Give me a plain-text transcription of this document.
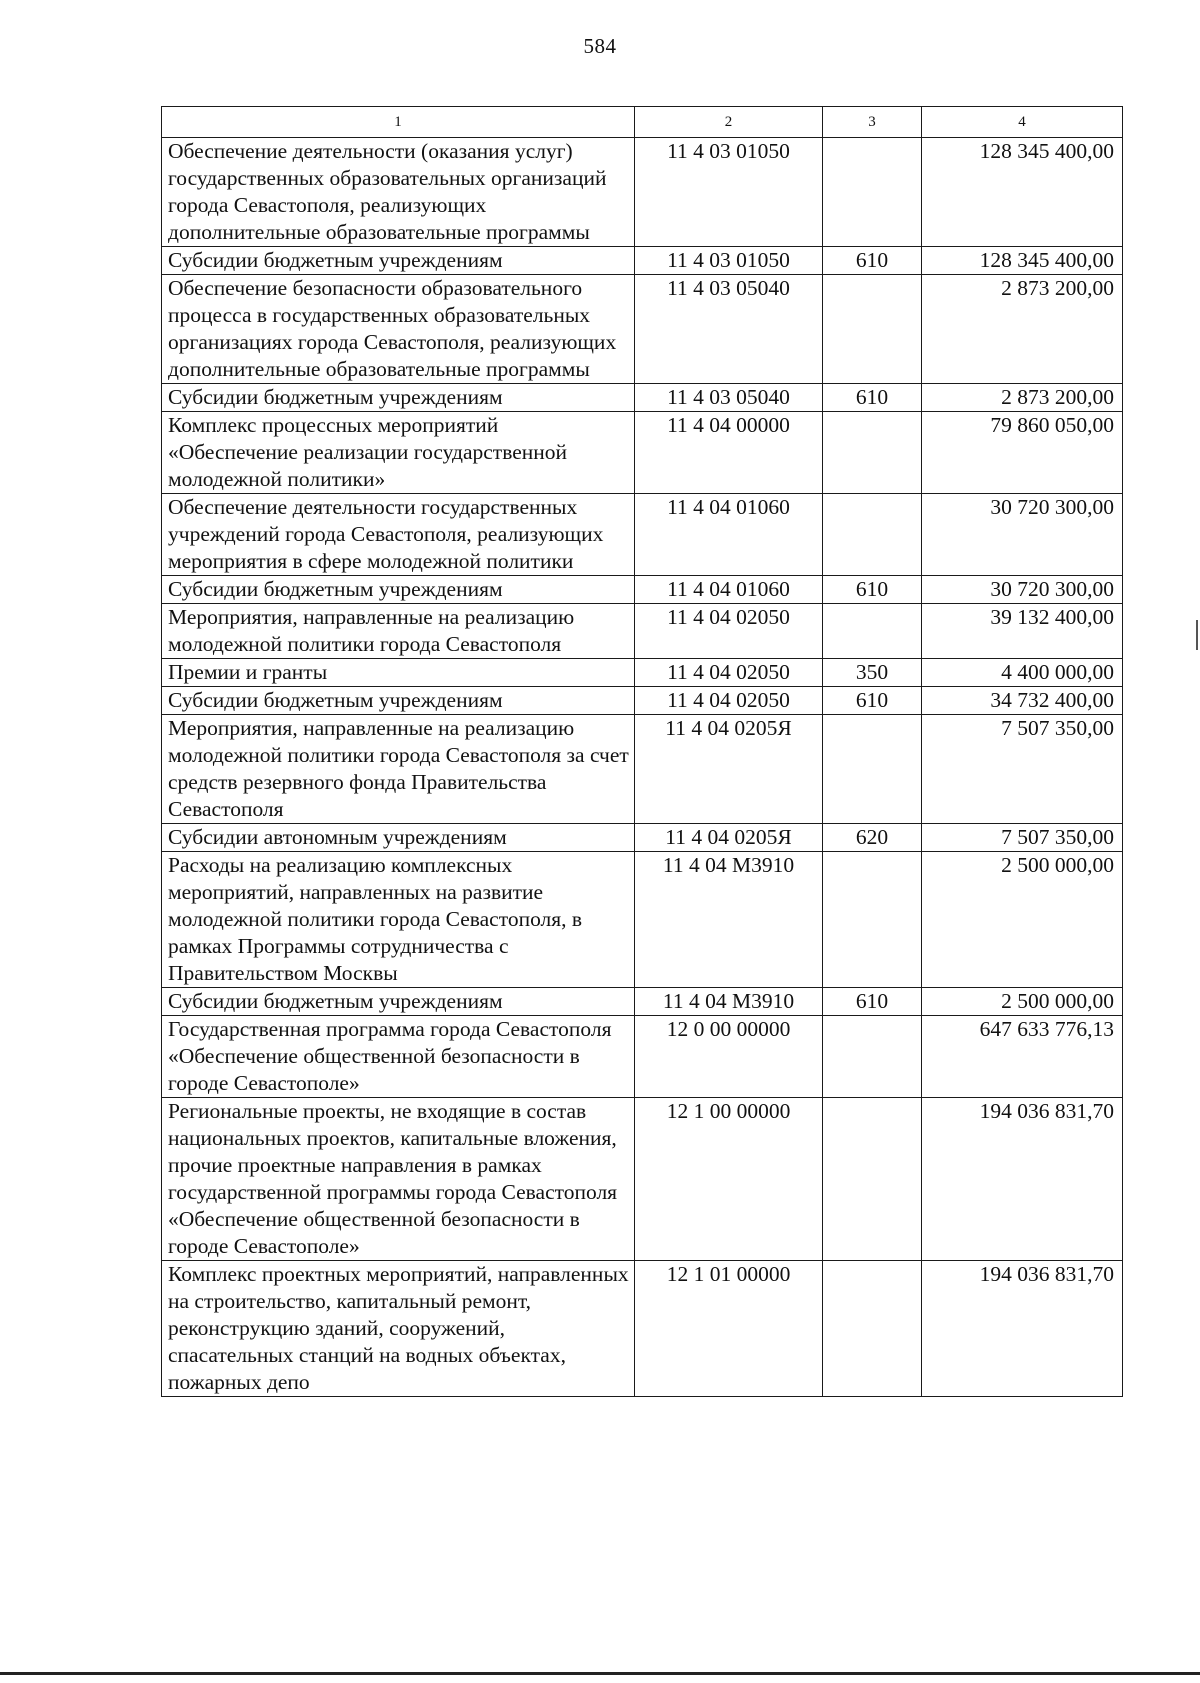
584
1	2	3	4
Обеспечение деятельности (оказания услуг) государственных образовательных организаций города Севастополя, реализующих дополнительные образовательные программы	11 4 03 01050		128 345 400,00
Субсидии бюджетным учреждениям	11 4 03 01050	610	128 345 400,00
Обеспечение безопасности образовательного процесса в государственных образовательных организациях города Севастополя, реализующих дополнительные образовательные программы	11 4 03 05040		2 873 200,00
Субсидии бюджетным учреждениям	11 4 03 05040	610	2 873 200,00
Комплекс процессных мероприятий «Обеспечение реализации государственной молодежной политики»	11 4 04 00000		79 860 050,00
Обеспечение деятельности государственных учреждений города Севастополя, реализующих мероприятия в сфере молодежной политики	11 4 04 01060		30 720 300,00
Субсидии бюджетным учреждениям	11 4 04 01060	610	30 720 300,00
Мероприятия, направленные на реализацию молодежной политики города Севастополя	11 4 04 02050		39 132 400,00
Премии и гранты	11 4 04 02050	350	4 400 000,00
Субсидии бюджетным учреждениям	11 4 04 02050	610	34 732 400,00
Мероприятия, направленные на реализацию молодежной политики города Севастополя за счет средств резервного фонда Правительства Севастополя	11 4 04 0205Я		7 507 350,00
Субсидии автономным учреждениям	11 4 04 0205Я	620	7 507 350,00
Расходы на реализацию комплексных мероприятий, направленных на развитие молодежной политики города Севастополя, в рамках Программы сотрудничества с Правительством Москвы	11 4 04 М3910		2 500 000,00
Субсидии бюджетным учреждениям	11 4 04 М3910	610	2 500 000,00
Государственная программа города Севастополя «Обеспечение общественной безопасности в городе Севастополе»	12 0 00 00000		647 633 776,13
Региональные проекты, не входящие в состав национальных проектов, капитальные вложения, прочие проектные направления в рамках государственной программы города Севастополя «Обеспечение общественной безопасности в городе Севастополе»	12 1 00 00000		194 036 831,70
Комплекс проектных мероприятий, направленных на строительство, капитальный ремонт, реконструкцию зданий, сооружений, спасательных станций на водных объектах, пожарных депо	12 1 01 00000		194 036 831,70
